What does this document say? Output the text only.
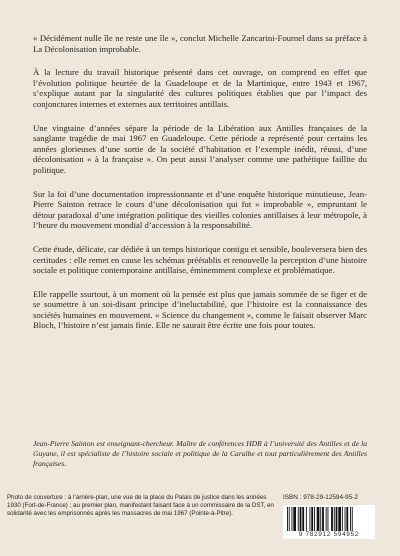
« Décidément nulle île ne reste une île », conclut Michelle Zancarini-Fournel dans sa préface à La Décolonisation improbable.

À la lecture du travail historique présenté dans cet ouvrage, on comprend en effet que l’évolution politique heurtée de la Guadeloupe et de la Martinique, entre 1943 et 1967, s’explique autant par la singularité des cultures politiques établies que par l’impact des conjonctures internes et externes aux territoires antillais.

Une vingtaine d’années sépare la période de la Libération aux Antilles françaises de la sanglante tragédie de mai 1967 en Guadeloupe. Cette période a représenté pour certains les années glorieuses d’une sortie de la société d’habitation et l’exemple inédit, réussi, d’une décolonisation « à la française ». On peut aussi l’analyser comme une pathétique faillite du politique.

Sur la foi d’une documentation impressionnante et d’une enquête historique minutieuse, Jean-Pierre Sainton retrace le cours d’une décolonisation qui fut « improbable », empruntant le détour paradoxal d’une intégration politique des vieilles colonies antillaises à leur métropole, à l’heure du mouvement mondial d’accession à la responsabilité.

Cette étude, délicate, car dédiée à un temps historique contigu et sensible, bouleversera bien des certitudes : elle remet en cause les schémas préétablis et renouvelle la perception d’une histoire sociale et politique contemporaine antillaise, éminemment complexe et problématique.

Elle rappelle ssurtout, à un moment où la pensée est plus que jamais sommée de se figer et de se soumettre à un soi-disant principe d’ineluctabilité, que l’histoire est la connaissance des sociétés humaines en mouvement. « Science du changement », comme le faisait observer Marc Bloch, l’histoire n’est jamais finie. Elle ne saurait être écrite une fois pour toutes.

Jean-Pierre Sainton est enseignant-chercheur. Maître de conférences HDR à l’université des Antilles et de la Guyane, il est spécialiste de l’histoire sociale et politique de la Caraïbe et tout particulièrement des Antilles françaises.

Photo de couverture : à l’arrière-plan, une vue de la place du Palais de justice dans les années 1930 (Fort-de-France) ; au premier plan, manifestant faisant face à un commissaire de la DST, en solidarité avec les emprisonnés après les massacres de mai 1967 (Pointe-à-Pitre).

ISBN : 978-29-12594-95-2

9 782912 594952
